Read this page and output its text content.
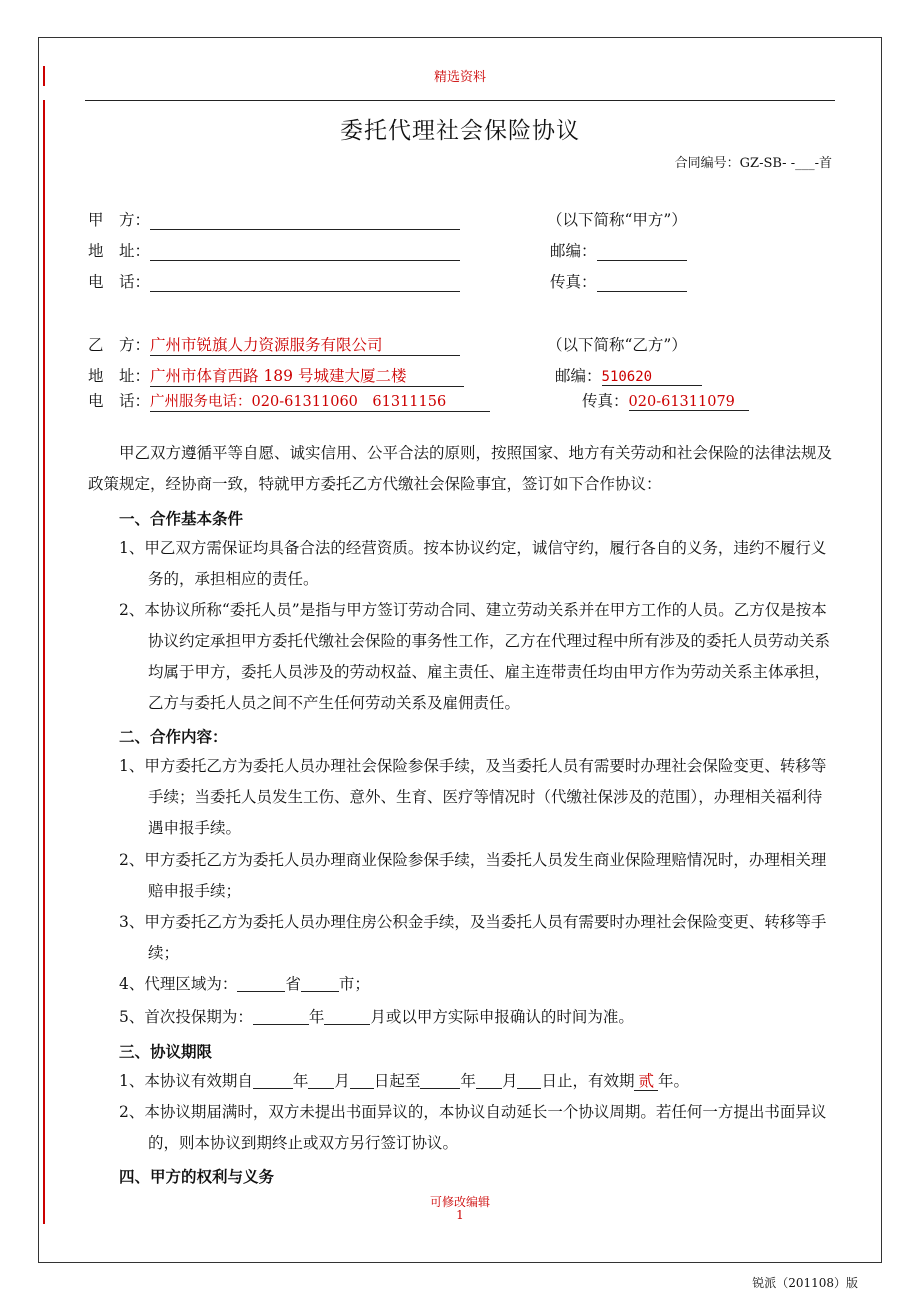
精选资料
委托代理社会保险协议
合同编号：GZ-SB- -___-首
甲　方：	（以下简称“甲方”）
地　址：	邮编：
电　话：	传真：
乙　方：广州市锐旗人力资源服务有限公司	（以下简称“乙方”）
地　址：广州市体育西路 189 号城建大厦二楼	邮编：510620
电　话：广州服务电话：020-61311060　61311156	传真：020-61311079
甲乙双方遵循平等自愿、诚实信用、公平合法的原则，按照国家、地方有关劳动和社会保险的法律法规及政策规定，经协商一致，特就甲方委托乙方代缴社会保险事宜，签订如下合作协议：
一、合作基本条件
1、甲乙双方需保证均具备合法的经营资质。按本协议约定，诚信守约，履行各自的义务，违约不履行义务的，承担相应的责任。
2、本协议所称“委托人员”是指与甲方签订劳动合同、建立劳动关系并在甲方工作的人员。乙方仅是按本协议约定承担甲方委托代缴社会保险的事务性工作，乙方在代理过程中所有涉及的委托人员劳动关系均属于甲方，委托人员涉及的劳动权益、雇主责任、雇主连带责任均由甲方作为劳动关系主体承担，乙方与委托人员之间不产生任何劳动关系及雇佣责任。
二、合作内容：
1、甲方委托乙方为委托人员办理社会保险参保手续，及当委托人员有需要时办理社会保险变更、转移等手续；当委托人员发生工伤、意外、生育、医疗等情况时（代缴社保涉及的范围），办理相关福利待遇申报手续。
2、甲方委托乙方为委托人员办理商业保险参保手续，当委托人员发生商业保险理赔情况时，办理相关理赔申报手续；
3、甲方委托乙方为委托人员办理住房公积金手续，及当委托人员有需要时办理社会保险变更、转移等手续；
4、代理区域为：	省 市；
5、首次投保期为：	年	月或以甲方实际申报确认的时间为准。
三、协议期限
1、本协议有效期自	年 月 日起至	年 月 日止，有效期 贰 年。
2、本协议期届满时，双方未提出书面异议的，本协议自动延长一个协议周期。若任何一方提出书面异议的，则本协议到期终止或双方另行签订协议。
四、甲方的权利与义务
可修改编辑
1
锐派（201108）版
